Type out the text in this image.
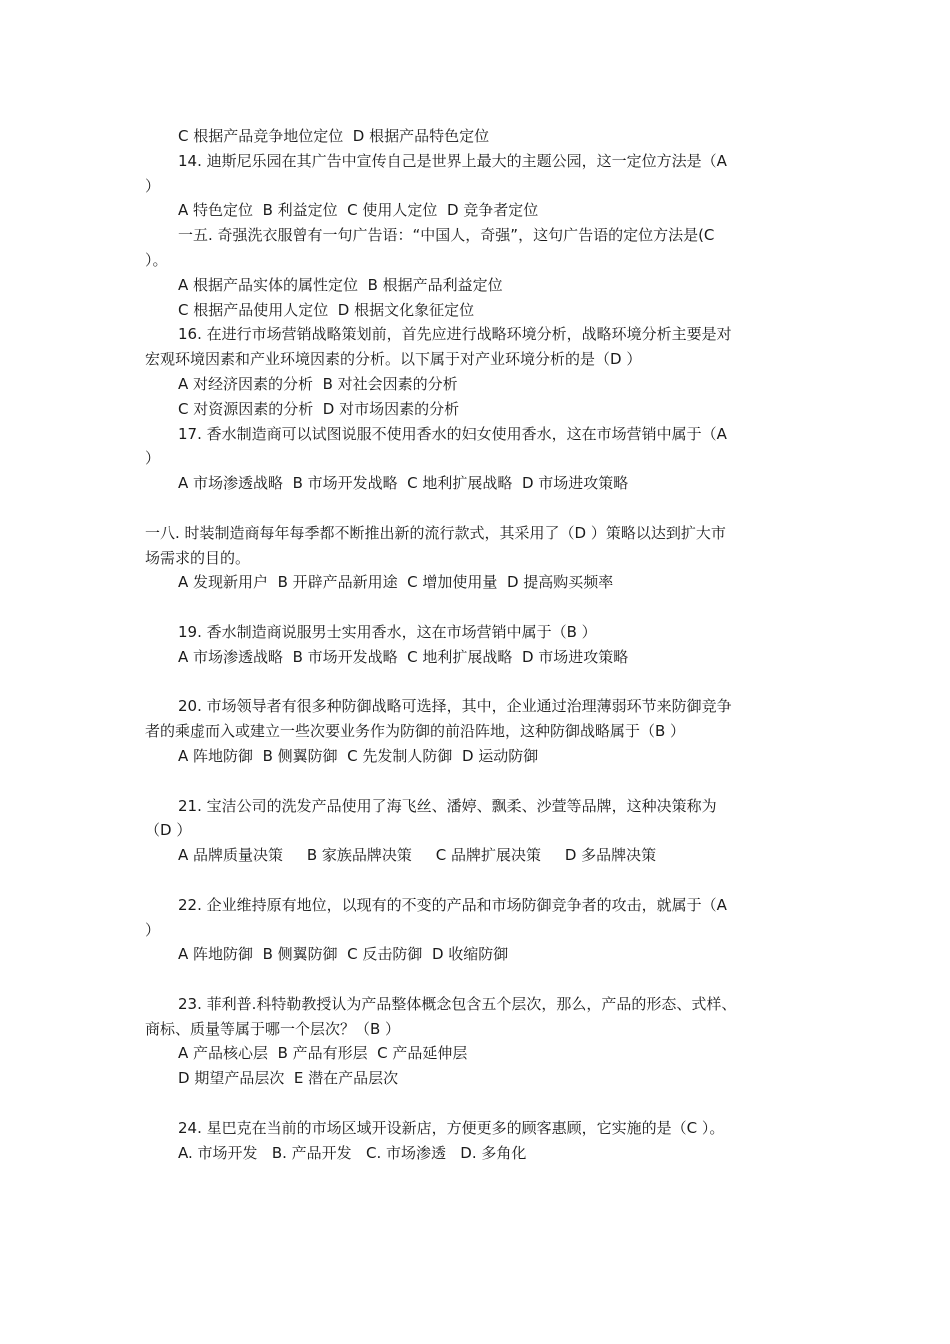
C 根据产品竞争地位定位  D 根据产品特色定位

14. 迪斯尼乐园在其广告中宣传自己是世界上最大的主题公园，这一定位方法是（A

）

A 特色定位  B 利益定位  C 使用人定位  D 竞争者定位

一五. 奇强洗衣服曾有一句广告语：“中国人，奇强”，这句广告语的定位方法是(C

）。

A 根据产品实体的属性定位  B 根据产品利益定位

C 根据产品使用人定位  D 根据文化象征定位

16. 在进行市场营销战略策划前，首先应进行战略环境分析，战略环境分析主要是对

宏观环境因素和产业环境因素的分析。以下属于对产业环境分析的是（D ）

A 对经济因素的分析  B 对社会因素的分析

C 对资源因素的分析  D 对市场因素的分析

17. 香水制造商可以试图说服不使用香水的妇女使用香水，这在市场营销中属于（A

）

A 市场渗透战略  B 市场开发战略  C 地利扩展战略  D 市场进攻策略

一八. 时装制造商每年每季都不断推出新的流行款式，其采用了（D ）策略以达到扩大市

场需求的目的。

A 发现新用户  B 开辟产品新用途  C 增加使用量  D 提高购买频率

19. 香水制造商说服男士实用香水，这在市场营销中属于（B ）

A 市场渗透战略  B 市场开发战略  C 地利扩展战略  D 市场进攻策略

20. 市场领导者有很多种防御战略可选择，其中，企业通过治理薄弱环节来防御竞争

者的乘虚而入或建立一些次要业务作为防御的前沿阵地，这种防御战略属于（B ）

A 阵地防御  B 侧翼防御  C 先发制人防御  D 运动防御

21. 宝洁公司的洗发产品使用了海飞丝、潘婷、飘柔、沙萱等品牌，这种决策称为

（D ）

A 品牌质量决策     B 家族品牌决策     C 品牌扩展决策     D 多品牌决策

22. 企业维持原有地位，以现有的不变的产品和市场防御竞争者的攻击，就属于（A

）

A 阵地防御  B 侧翼防御  C 反击防御  D 收缩防御

23. 菲利普.科特勒教授认为产品整体概念包含五个层次，那么，产品的形态、式样、

商标、质量等属于哪一个层次？（B ）

A 产品核心层  B 产品有形层  C 产品延伸层

D 期望产品层次  E 潜在产品层次

24. 星巴克在当前的市场区域开设新店，方便更多的顾客惠顾，它实施的是（C ）。

A. 市场开发   B. 产品开发   C. 市场渗透   D. 多角化
